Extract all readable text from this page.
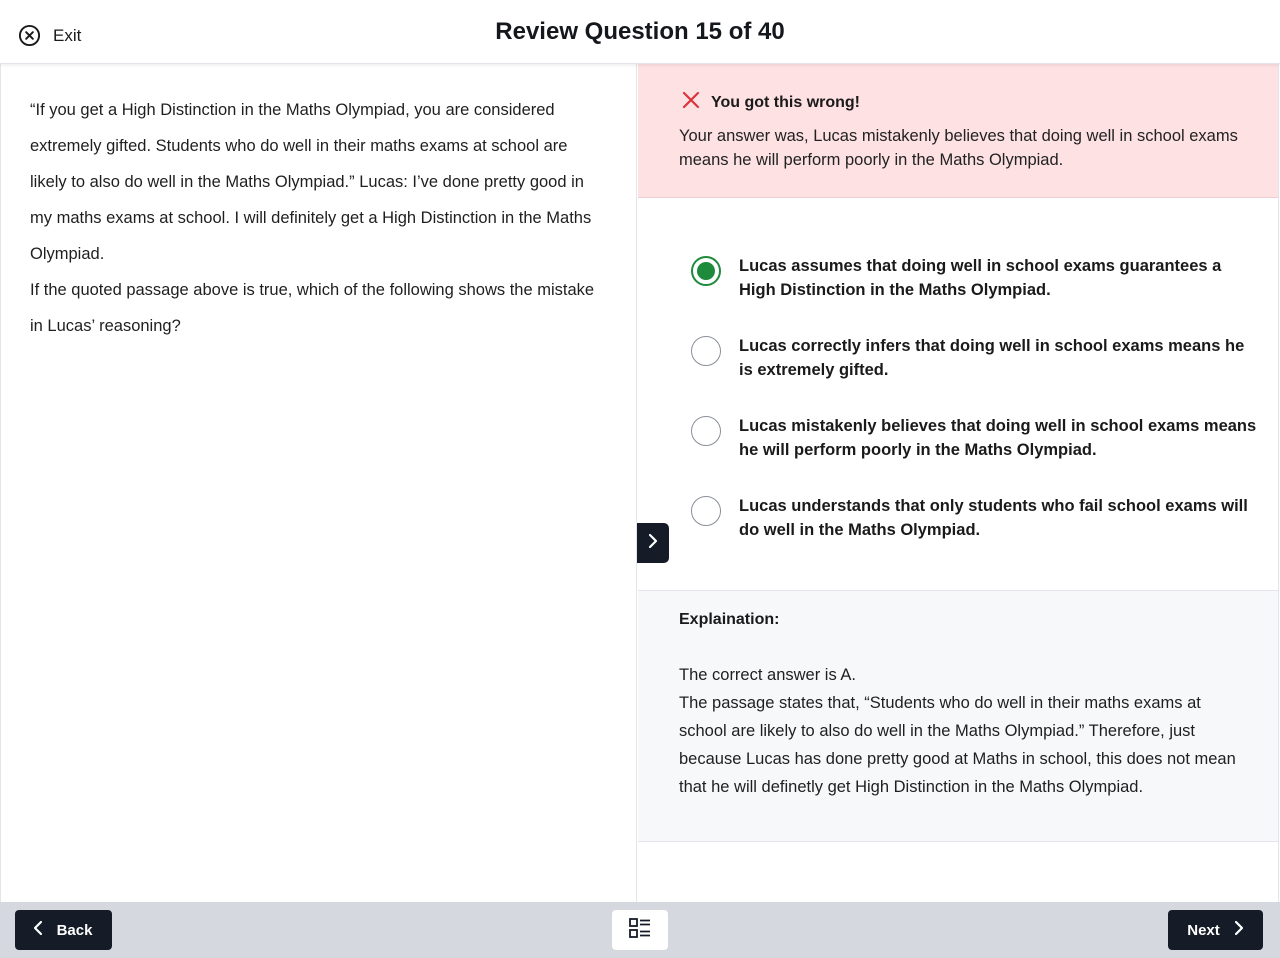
Exit	Review Question 15 of 40

“If you get a High Distinction in the Maths Olympiad, you are considered extremely gifted. Students who do well in their maths exams at school are likely to also do well in the Maths Olympiad.” Lucas: I’ve done pretty good in my maths exams at school. I will definitely get a High Distinction in the Maths Olympiad.

If the quoted passage above is true, which of the following shows the mistake in Lucas’ reasoning?

You got this wrong!
Your answer was, Lucas mistakenly believes that doing well in school exams means he will perform poorly in the Maths Olympiad.
Lucas assumes that doing well in school exams guarantees a High Distinction in the Maths Olympiad.
Lucas correctly infers that doing well in school exams means he is extremely gifted.
Lucas mistakenly believes that doing well in school exams means he will perform poorly in the Maths Olympiad.
Lucas understands that only students who fail school exams will do well in the Maths Olympiad.
Explaination:

The correct answer is A.

The passage states that, “Students who do well in their maths exams at school are likely to also do well in the Maths Olympiad.” Therefore, just because Lucas has done pretty good at Maths in school, this does not mean that he will definetly get High Distinction in the Maths Olympiad.

Back	Next
